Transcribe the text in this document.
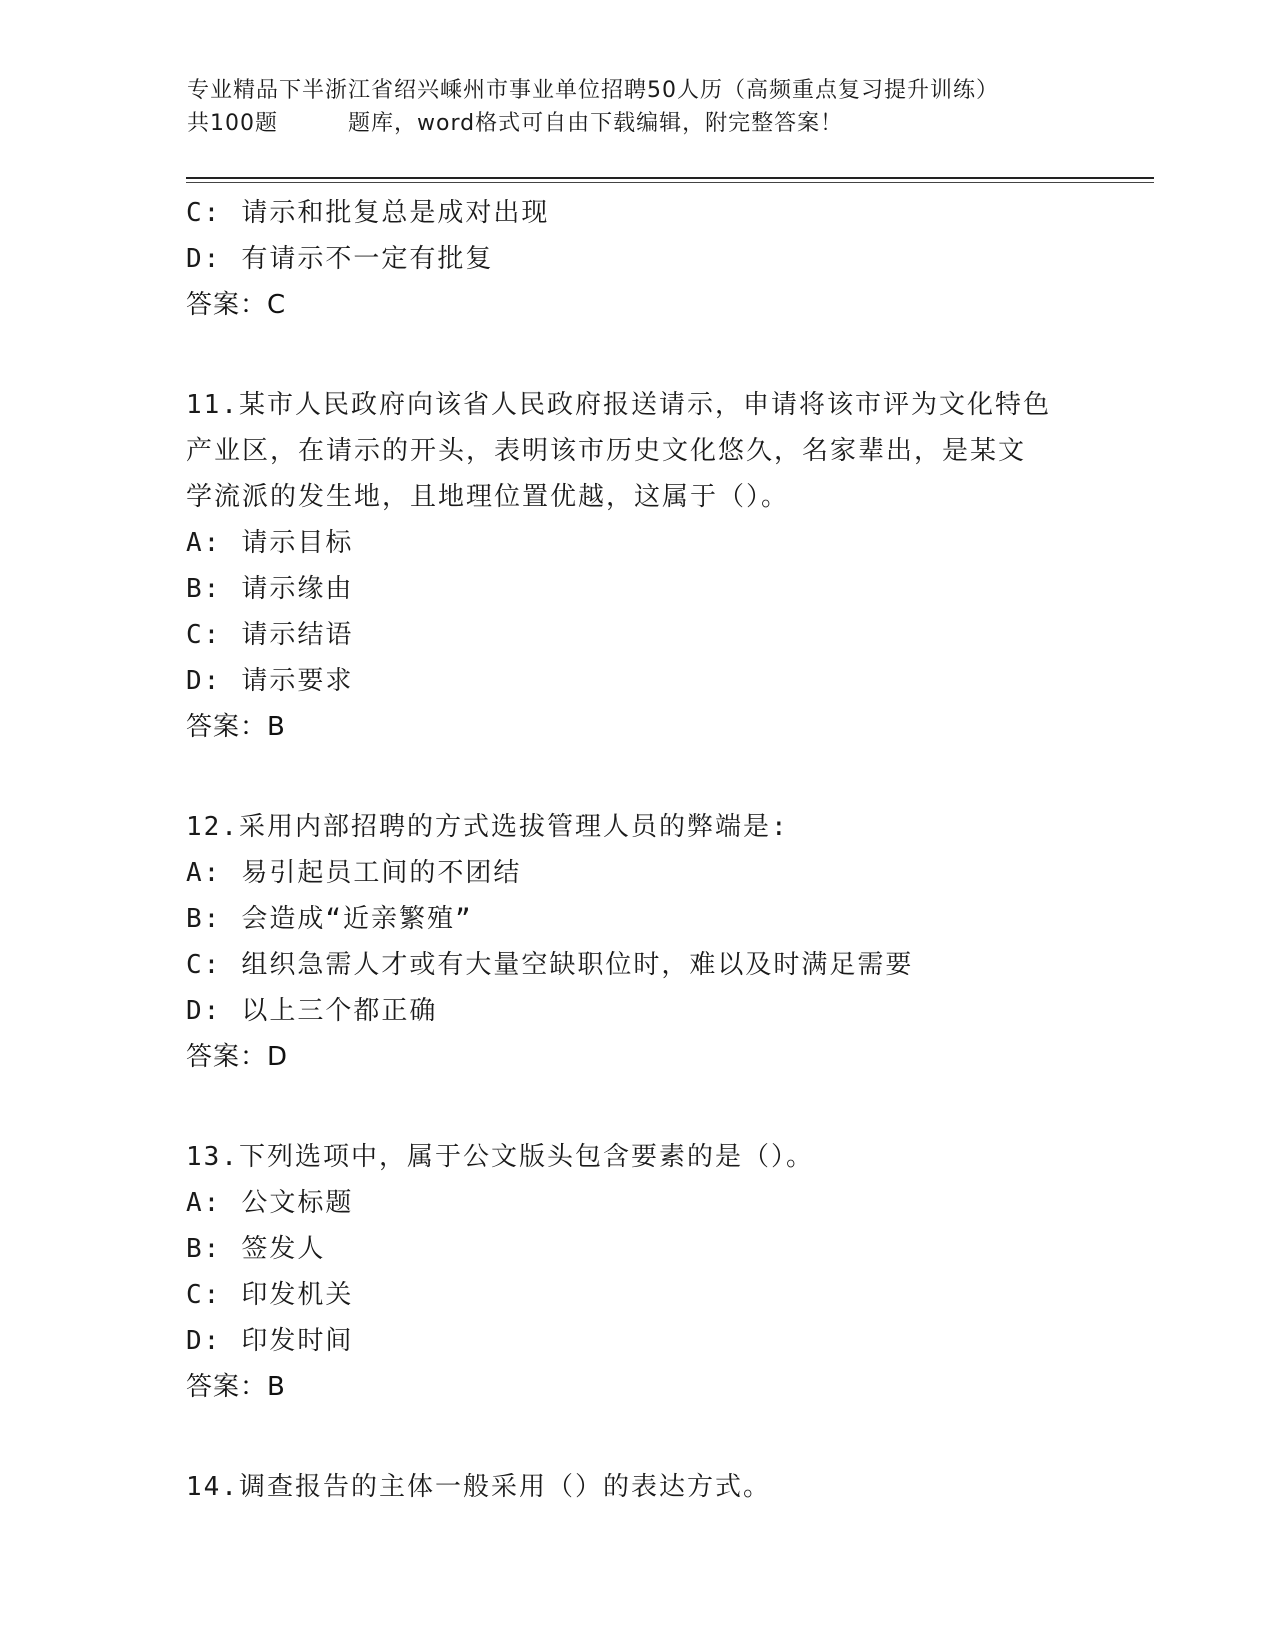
专业精品下半浙江省绍兴嵊州市事业单位招聘50人历（高频重点复习提升训练）
共100题	题库，word格式可自由下载编辑，附完整答案！
C: 请示和批复总是成对出现
D: 有请示不一定有批复
答案：C
11.某市人民政府向该省人民政府报送请示，申请将该市评为文化特色
产业区，在请示的开头，表明该市历史文化悠久，名家辈出，是某文
学流派的发生地，且地理位置优越，这属于（）。
A: 请示目标
B: 请示缘由
C: 请示结语
D: 请示要求
答案：B
12.采用内部招聘的方式选拔管理人员的弊端是:
A: 易引起员工间的不团结
B: 会造成“近亲繁殖”
C: 组织急需人才或有大量空缺职位时，难以及时满足需要
D: 以上三个都正确
答案：D
13.下列选项中，属于公文版头包含要素的是（）。
A: 公文标题
B: 签发人
C: 印发机关
D: 印发时间
答案：B
14.调查报告的主体一般采用（）的表达方式。
